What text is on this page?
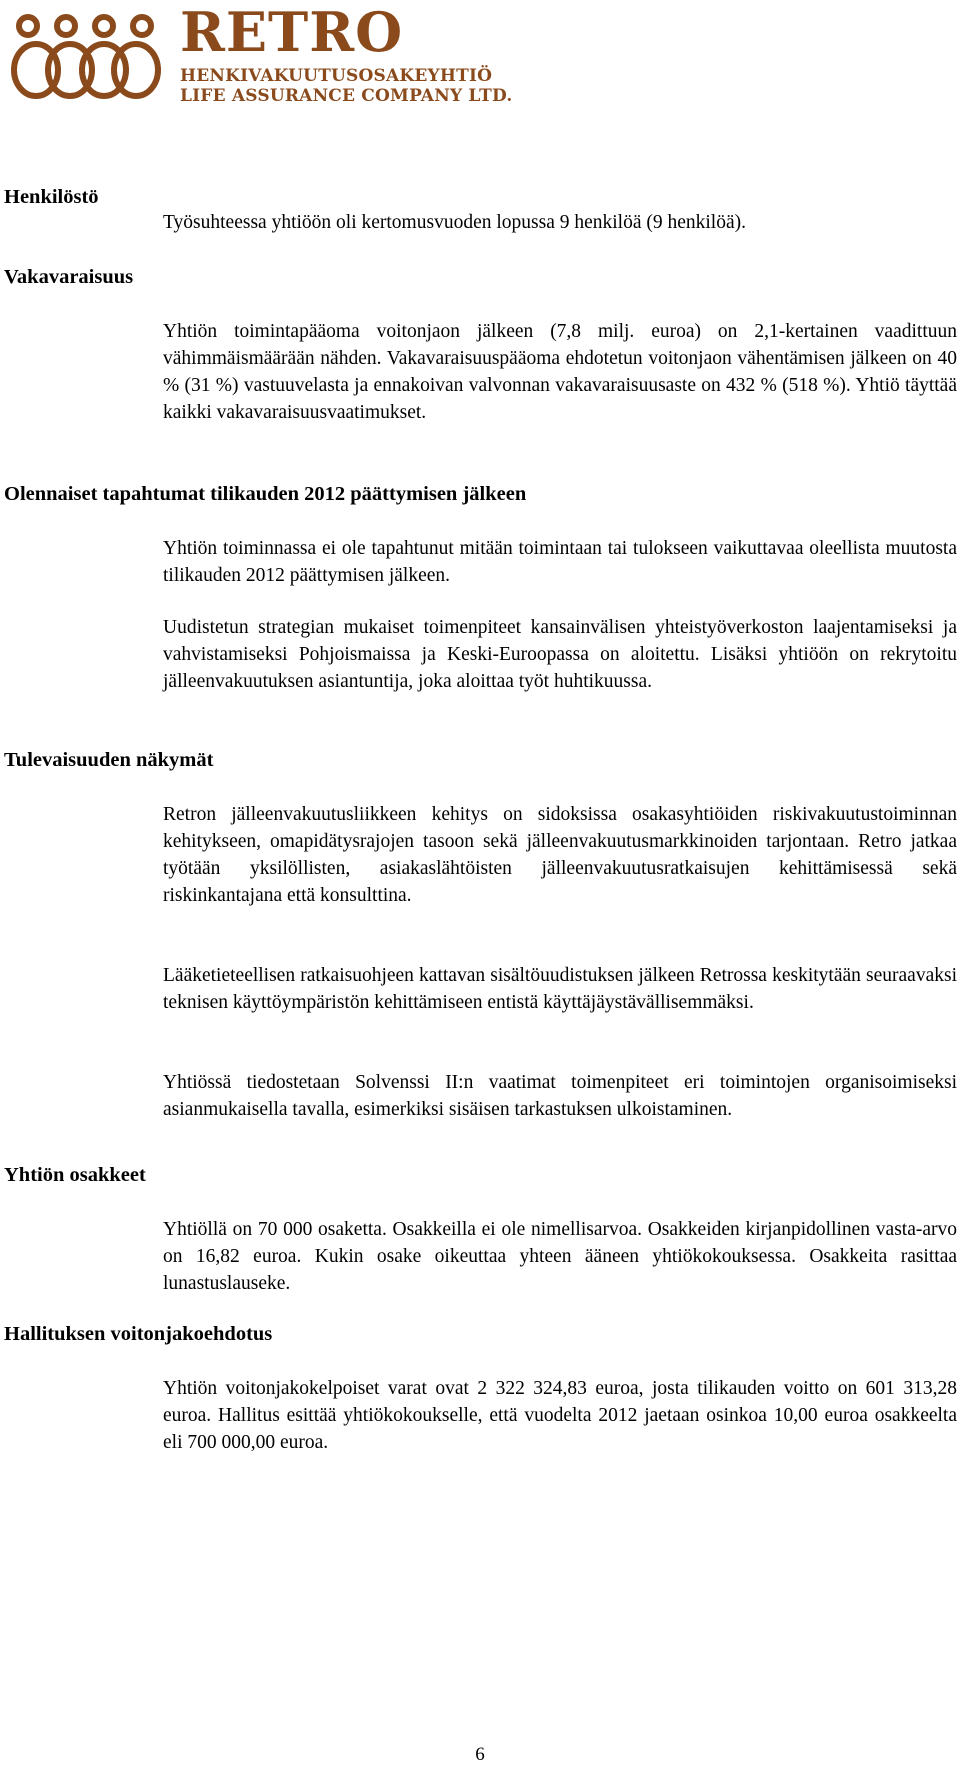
RETRO
HENKIVAKUUTUSOSAKEYHTIÖ
LIFE ASSURANCE COMPANY LTD.
Henkilöstö
Työsuhteessa yhtiöön oli kertomusvuoden lopussa 9 henkilöä (9 henkilöä).
Vakavaraisuus
Yhtiön toimintapääoma voitonjaon jälkeen (7,8 milj. euroa) on 2,1-kertainen vaadittuun vähimmäismäärään nähden. Vakavaraisuuspääoma ehdotetun voitonjaon vähentämisen jälkeen on 40 % (31 %) vastuuvelasta ja ennakoivan valvonnan vakavaraisuusaste on 432 % (518 %). Yhtiö täyttää kaikki vakavaraisuusvaatimukset.
Olennaiset tapahtumat tilikauden 2012 päättymisen jälkeen
Yhtiön toiminnassa ei ole tapahtunut mitään toimintaan tai tulokseen vaikuttavaa oleellista muutosta tilikauden 2012 päättymisen jälkeen.
Uudistetun strategian mukaiset toimenpiteet kansainvälisen yhteistyöverkoston laajentamiseksi ja vahvistamiseksi Pohjoismaissa ja Keski-Euroopassa on aloitettu. Lisäksi yhtiöön on rekrytoitu jälleenvakuutuksen asiantuntija, joka aloittaa työt huhtikuussa.
Tulevaisuuden näkymät
Retron jälleenvakuutusliikkeen kehitys on sidoksissa osakasyhtiöiden riskivakuutustoiminnan kehitykseen, omapidätysrajojen tasoon sekä jälleenvakuutusmarkkinoiden tarjontaan. Retro jatkaa työtään yksilöllisten, asiakaslähtöisten jälleenvakuutusratkaisujen kehittämisessä sekä riskinkantajana että konsulttina.
Lääketieteellisen ratkaisuohjeen kattavan sisältöuudistuksen jälkeen Retrossa keskitytään seuraavaksi teknisen käyttöympäristön kehittämiseen entistä käyttäjäystävällisemmäksi.
Yhtiössä tiedostetaan Solvenssi II:n vaatimat toimenpiteet eri toimintojen organisoimiseksi asianmukaisella tavalla, esimerkiksi sisäisen tarkastuksen ulkoistaminen.
Yhtiön osakkeet
Yhtiöllä on 70 000 osaketta. Osakkeilla ei ole nimellisarvoa. Osakkeiden kirjanpidollinen vasta-arvo on 16,82 euroa. Kukin osake oikeuttaa yhteen ääneen yhtiökokouksessa. Osakkeita rasittaa lunastuslauseke.
Hallituksen voitonjakoehdotus
Yhtiön voitonjakokelpoiset varat ovat 2 322 324,83 euroa, josta tilikauden voitto on 601 313,28 euroa. Hallitus esittää yhtiökokoukselle, että vuodelta 2012 jaetaan osinkoa 10,00 euroa osakkeelta eli 700 000,00 euroa.
6
